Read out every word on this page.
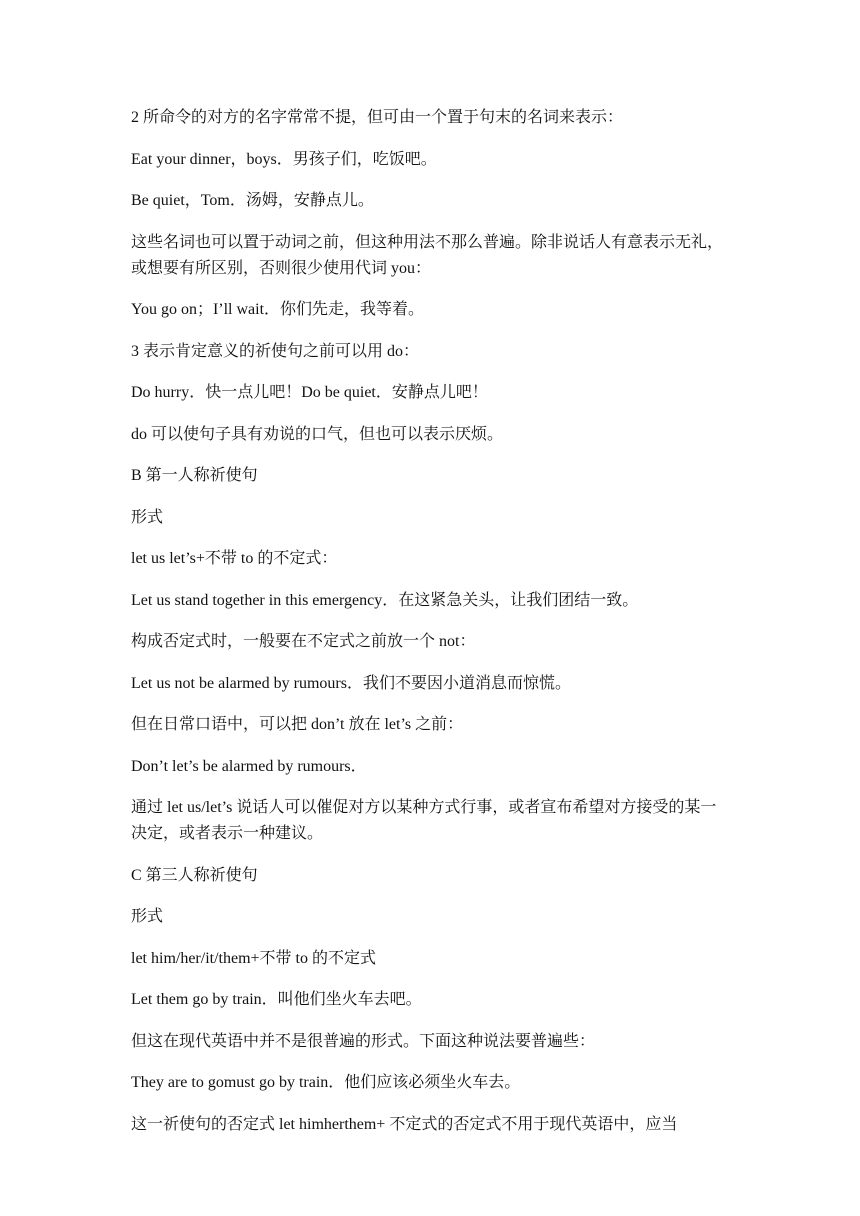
2 所命令的对方的名字常常不提，但可由一个置于句末的名词来表示：

Eat your dinner，boys．男孩子们，吃饭吧。

Be quiet，Tom．汤姆，安静点儿。

这些名词也可以置于动词之前，但这种用法不那么普遍。除非说话人有意表示无礼，或想要有所区别，否则很少使用代词 you：

You go on；I’ll wait．你们先走，我等着。

3 表示肯定意义的祈使句之前可以用 do：

Do hurry．快一点儿吧！Do be quiet．安静点儿吧！

do 可以使句子具有劝说的口气，但也可以表示厌烦。

B 第一人称祈使句

形式

let us let’s+不带 to 的不定式：

Let us stand together in this emergency．在这紧急关头，让我们团结一致。

构成否定式时，一般要在不定式之前放一个 not：

Let us not be alarmed by rumours．我们不要因小道消息而惊慌。

但在日常口语中，可以把 don’t 放在 let’s 之前：

Don’t let’s be alarmed by rumours．

通过 let us/let’s 说话人可以催促对方以某种方式行事，或者宣布希望对方接受的某一决定，或者表示一种建议。

C 第三人称祈使句

形式

let him/her/it/them+不带 to 的不定式

Let them go by train．叫他们坐火车去吧。

但这在现代英语中并不是很普遍的形式。下面这种说法要普遍些：

They are to gomust go by train．他们应该必须坐火车去。

这一祈使句的否定式 let himherthem+ 不定式的否定式不用于现代英语中，应当
